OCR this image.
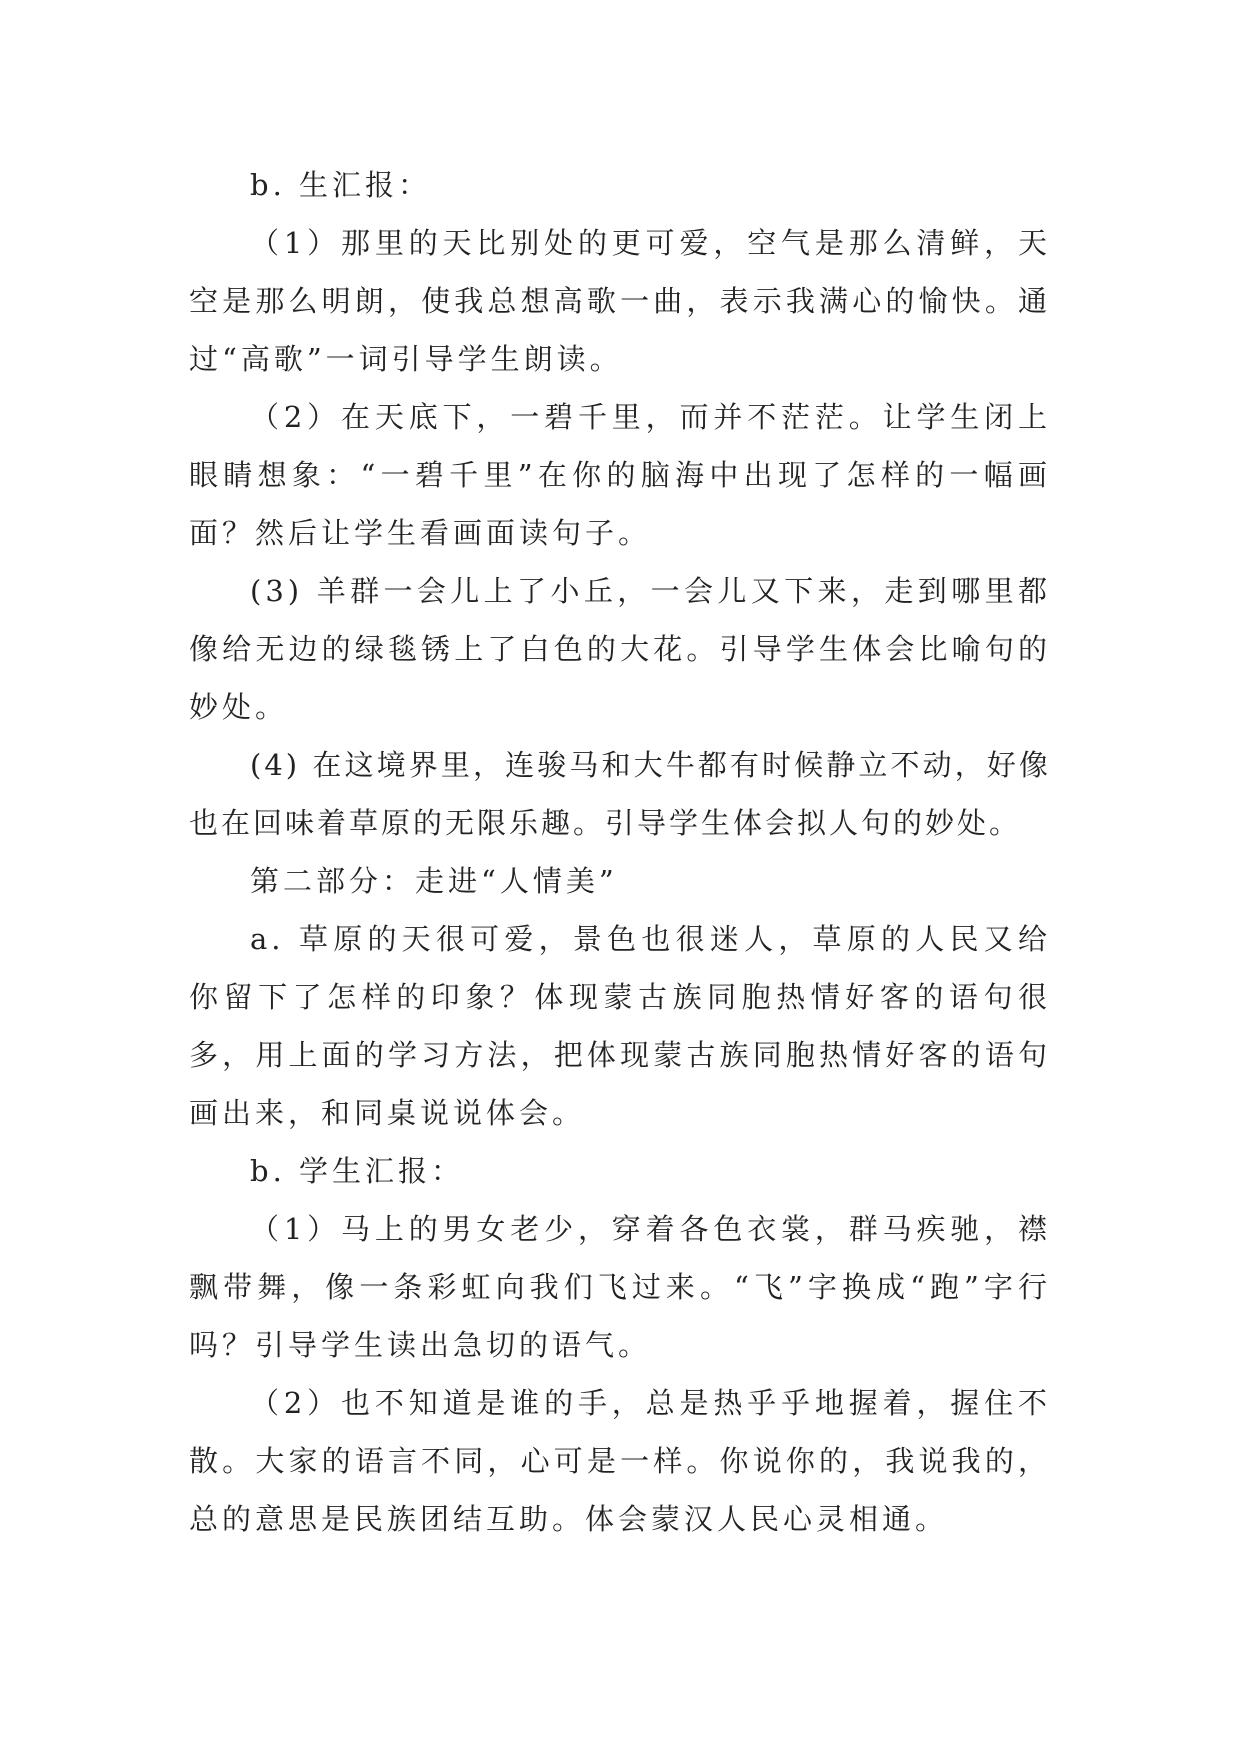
b. 生汇报：

（1）那里的天比别处的更可爱，空气是那么清鲜，天空是那么明朗，使我总想高歌一曲，表示我满心的愉快。通过“高歌”一词引导学生朗读。

（2）在天底下，一碧千里，而并不茫茫。让学生闭上眼睛想象：“一碧千里”在你的脑海中出现了怎样的一幅画面？然后让学生看画面读句子。

(3) 羊群一会儿上了小丘，一会儿又下来，走到哪里都像给无边的绿毯锈上了白色的大花。引导学生体会比喻句的妙处。

(4) 在这境界里，连骏马和大牛都有时候静立不动，好像也在回味着草原的无限乐趣。引导学生体会拟人句的妙处。

第二部分：走进“人情美”

a. 草原的天很可爱，景色也很迷人，草原的人民又给你留下了怎样的印象？体现蒙古族同胞热情好客的语句很多，用上面的学习方法，把体现蒙古族同胞热情好客的语句画出来，和同桌说说体会。

b. 学生汇报：

（1）马上的男女老少，穿着各色衣裳，群马疾驰，襟飘带舞，像一条彩虹向我们飞过来。“飞”字换成“跑”字行吗？引导学生读出急切的语气。

（2）也不知道是谁的手，总是热乎乎地握着，握住不散。大家的语言不同，心可是一样。你说你的，我说我的，总的意思是民族团结互助。体会蒙汉人民心灵相通。
